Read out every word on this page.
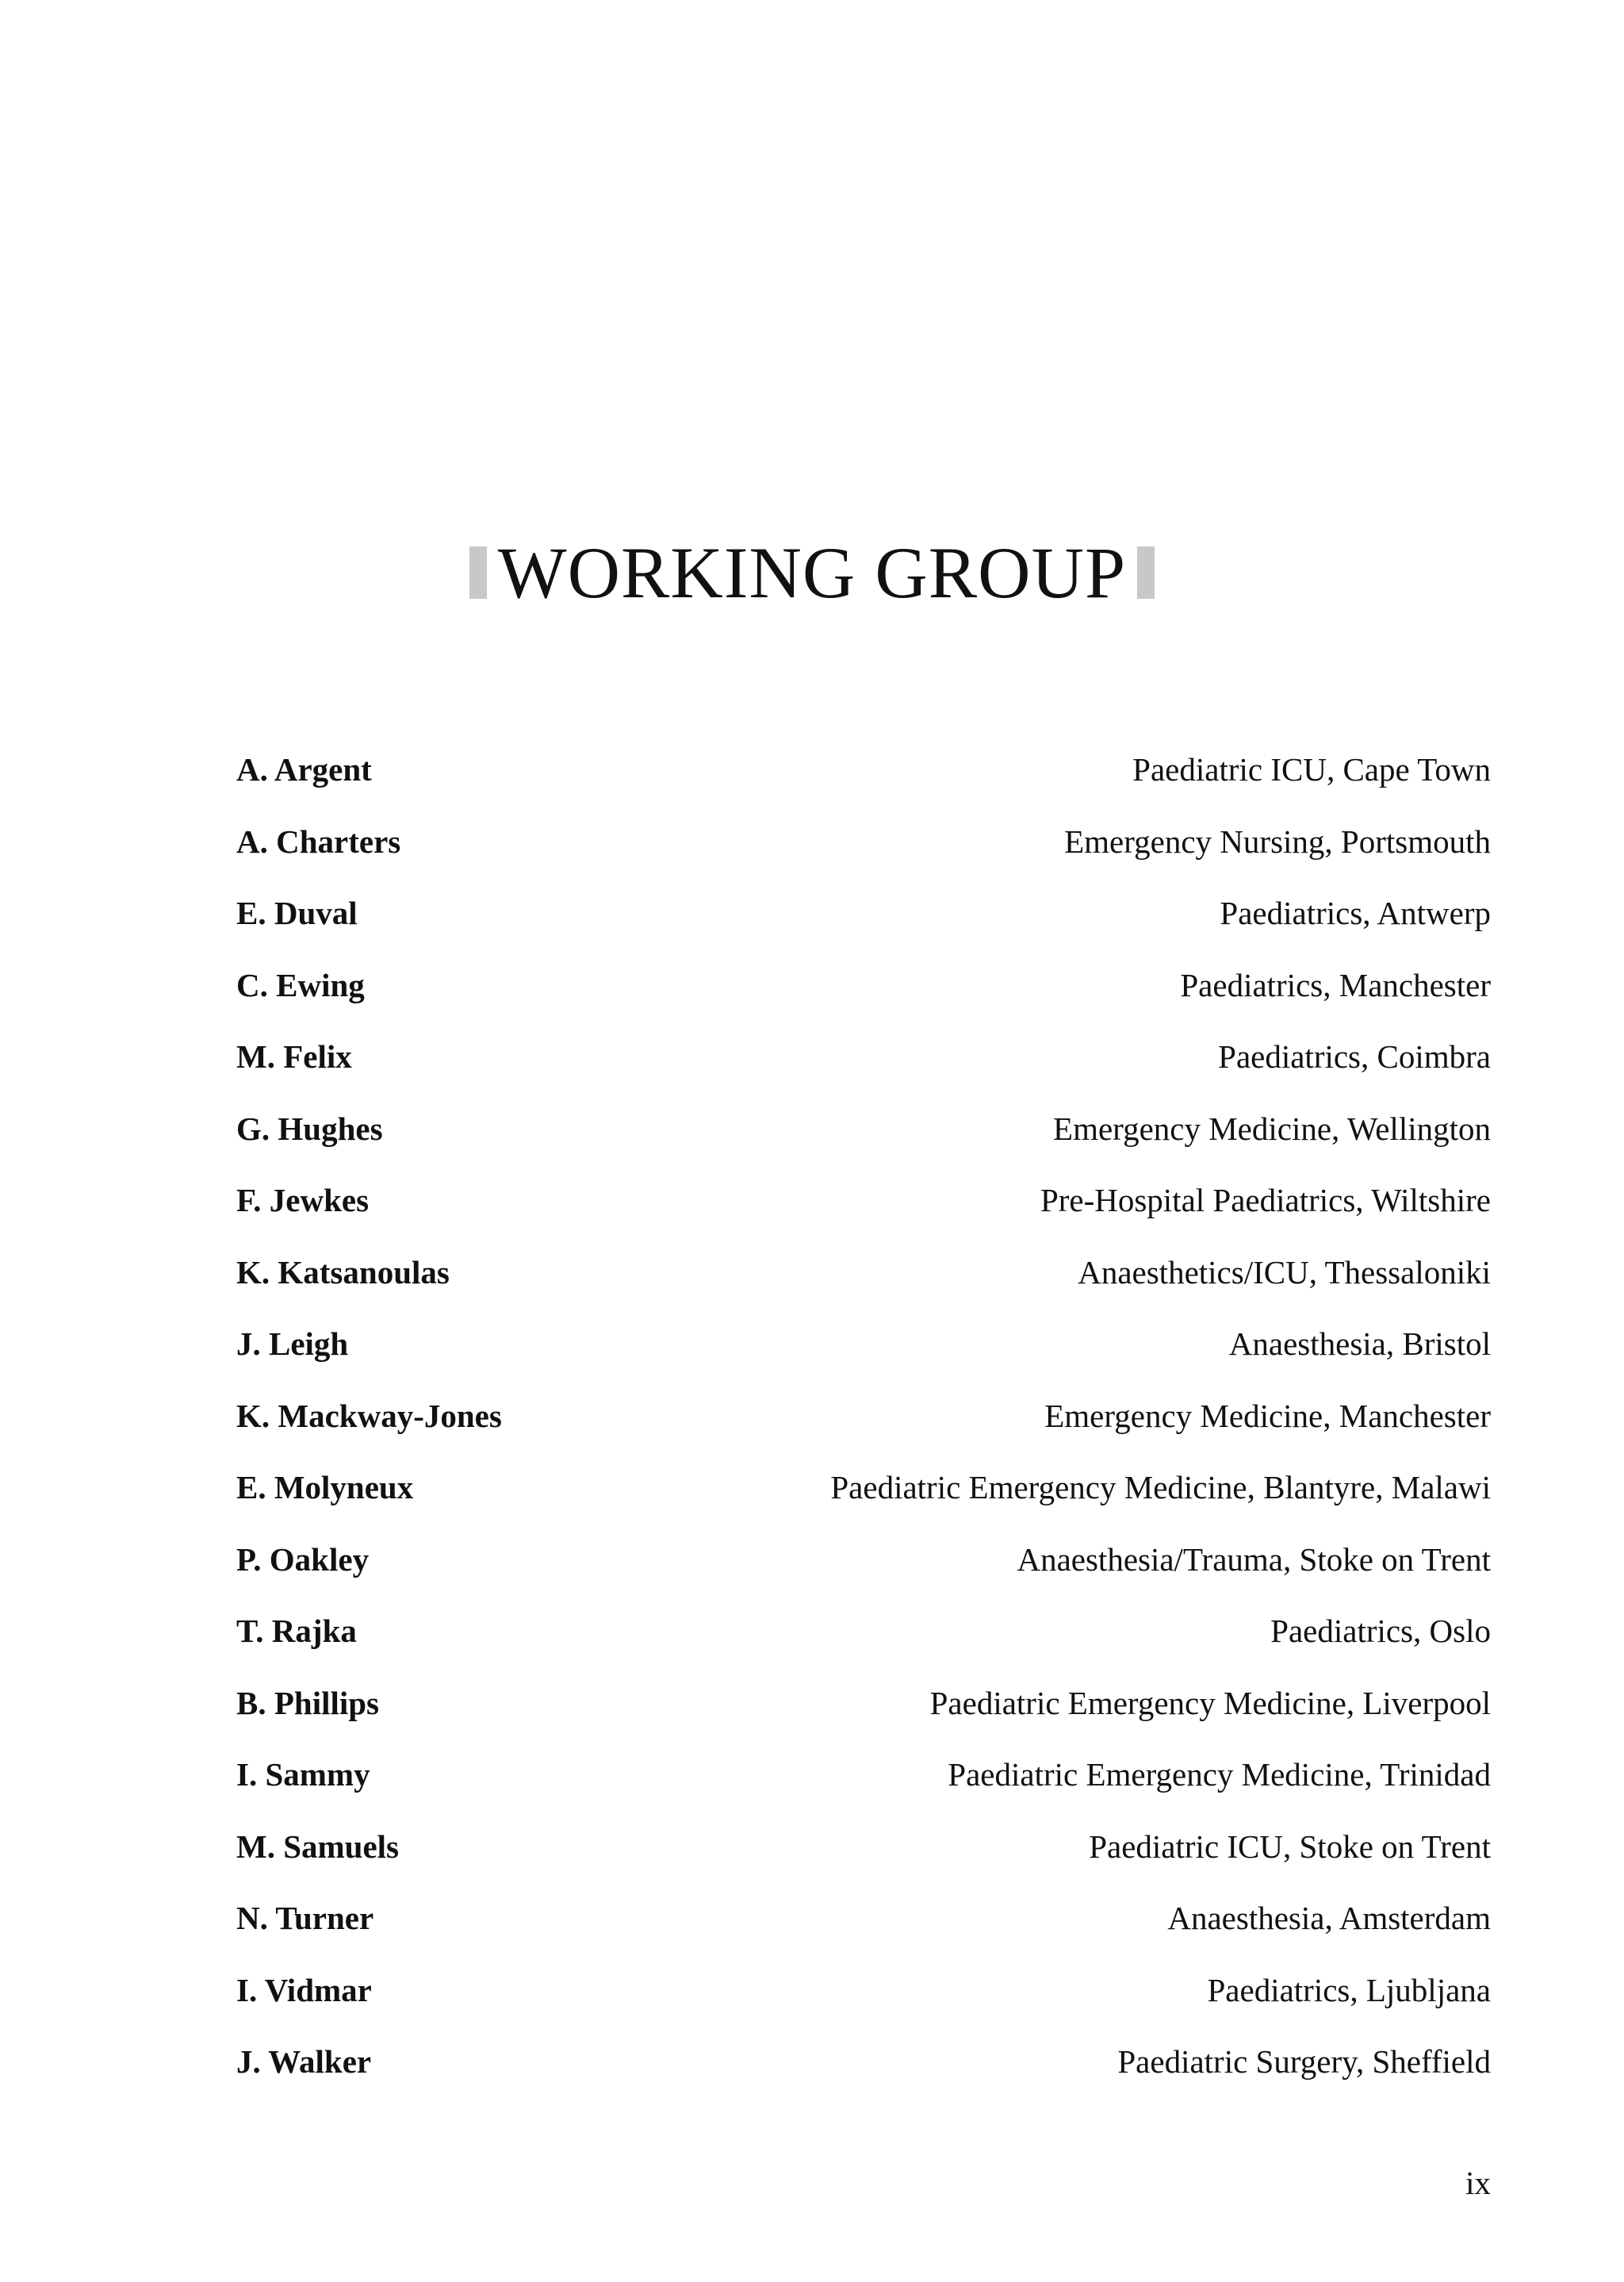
WORKING GROUP
A. Argent	Paediatric ICU, Cape Town
A. Charters	Emergency Nursing, Portsmouth
E. Duval	Paediatrics, Antwerp
C. Ewing	Paediatrics, Manchester
M. Felix	Paediatrics, Coimbra
G. Hughes	Emergency Medicine, Wellington
F. Jewkes	Pre-Hospital Paediatrics, Wiltshire
K. Katsanoulas	Anaesthetics/ICU, Thessaloniki
J. Leigh	Anaesthesia, Bristol
K. Mackway-Jones	Emergency Medicine, Manchester
E. Molyneux	Paediatric Emergency Medicine, Blantyre, Malawi
P. Oakley	Anaesthesia/Trauma, Stoke on Trent
T. Rajka	Paediatrics, Oslo
B. Phillips	Paediatric Emergency Medicine, Liverpool
I. Sammy	Paediatric Emergency Medicine, Trinidad
M. Samuels	Paediatric ICU, Stoke on Trent
N. Turner	Anaesthesia, Amsterdam
I. Vidmar	Paediatrics, Ljubljana
J. Walker	Paediatric Surgery, Sheffield
ix
